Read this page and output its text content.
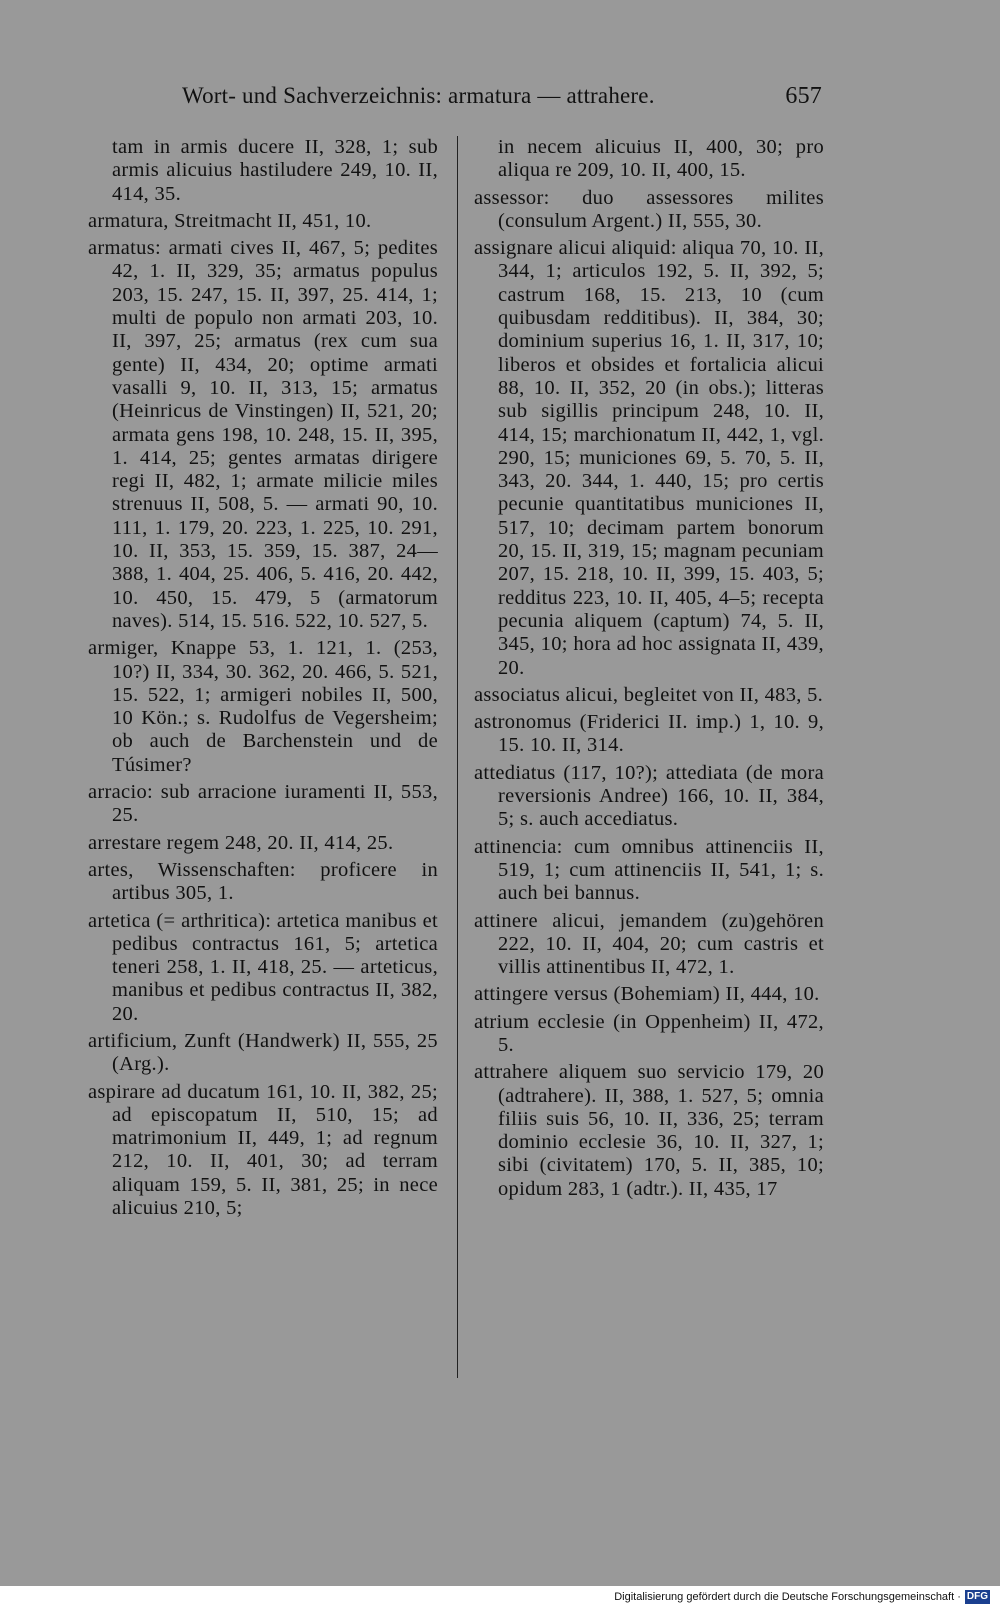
Wort- und Sachverzeichnis: armatura — attrahere.	657

tam in armis ducere II, 328, 1; sub armis alicuius hastiludere 249, 10. II, 414, 35.

armatura, Streitmacht II, 451, 10.

armatus: armati cives II, 467, 5; pedites 42, 1. II, 329, 35; armatus populus 203, 15. 247, 15. II, 397, 25. 414, 1; multi de populo non armati 203, 10. II, 397, 25; armatus (rex cum sua gente) II, 434, 20; optime armati vasalli 9, 10. II, 313, 15; armatus (Heinricus de Vinstingen) II, 521, 20; armata gens 198, 10. 248, 15. II, 395, 1. 414, 25; gentes armatas dirigere regi II, 482, 1; armate milicie miles strenuus II, 508, 5. — armati 90, 10. 111, 1. 179, 20. 223, 1. 225, 10. 291, 10. II, 353, 15. 359, 15. 387, 24—388, 1. 404, 25. 406, 5. 416, 20. 442, 10. 450, 15. 479, 5 (armatorum naves). 514, 15. 516. 522, 10. 527, 5.

armiger, Knappe 53, 1. 121, 1. (253, 10?) II, 334, 30. 362, 20. 466, 5. 521, 15. 522, 1; armigeri nobiles II, 500, 10 Kön.; s. Rudolfus de Vegersheim; ob auch de Barchenstein und de Túsimer?

arracio: sub arracione iuramenti II, 553, 25.

arrestare regem 248, 20. II, 414, 25.

artes, Wissenschaften: proficere in artibus 305, 1.

artetica (= arthritica): artetica manibus et pedibus contractus 161, 5; artetica teneri 258, 1. II, 418, 25. — arteticus, manibus et pedibus contractus II, 382, 20.

artificium, Zunft (Handwerk) II, 555, 25 (Arg.).

aspirare ad ducatum 161, 10. II, 382, 25; ad episcopatum II, 510, 15; ad matrimonium II, 449, 1; ad regnum 212, 10. II, 401, 30; ad terram aliquam 159, 5. II, 381, 25; in nece alicuius 210, 5;

in necem alicuius II, 400, 30; pro aliqua re 209, 10. II, 400, 15.

assessor: duo assessores milites (consulum Argent.) II, 555, 30.

assignare alicui aliquid: aliqua 70, 10. II, 344, 1; articulos 192, 5. II, 392, 5; castrum 168, 15. 213, 10 (cum quibusdam redditibus). II, 384, 30; dominium superius 16, 1. II, 317, 10; liberos et obsides et fortalicia alicui 88, 10. II, 352, 20 (in obs.); litteras sub sigillis principum 248, 10. II, 414, 15; marchionatum II, 442, 1, vgl. 290, 15; municiones 69, 5. 70, 5. II, 343, 20. 344, 1. 440, 15; pro certis pecunie quantitatibus municiones II, 517, 10; decimam partem bonorum 20, 15. II, 319, 15; magnam pecuniam 207, 15. 218, 10. II, 399, 15. 403, 5; redditus 223, 10. II, 405, 4–5; recepta pecunia aliquem (captum) 74, 5. II, 345, 10; hora ad hoc assignata II, 439, 20.

associatus alicui, begleitet von II, 483, 5.

astronomus (Friderici II. imp.) 1, 10. 9, 15. 10. II, 314.

attediatus (117, 10?); attediata (de mora reversionis Andree) 166, 10. II, 384, 5; s. auch accediatus.

attinencia: cum omnibus attinenciis II, 519, 1; cum attinenciis II, 541, 1; s. auch bei bannus.

attinere alicui, jemandem (zu)gehören 222, 10. II, 404, 20; cum castris et villis attinentibus II, 472, 1.

attingere versus (Bohemiam) II, 444, 10.

atrium ecclesie (in Oppenheim) II, 472, 5.

attrahere aliquem suo servicio 179, 20 (adtrahere). II, 388, 1. 527, 5; omnia filiis suis 56, 10. II, 336, 25; terram dominio ecclesie 36, 10. II, 327, 1; sibi (civitatem) 170, 5. II, 385, 10; opidum 283, 1 (adtr.). II, 435, 17

Digitalisierung gefördert durch die Deutsche Forschungsgemeinschaft · DFG
